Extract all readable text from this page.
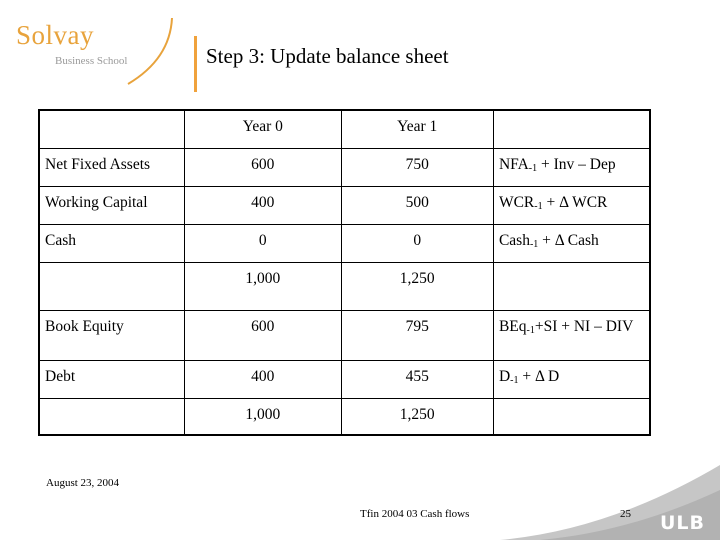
Solvay
Business School	Step 3: Update balance sheet
	Year 0	Year 1	
Net Fixed Assets	600	750	$NFA_{-1}$ + Inv – Dep
Working Capital	400	500	$WCR_{-1} + \Delta$ WCR
Cash	0	0	Cash$_{-1}$ + Δ Cash
	1,000	1,250	
Book Equity	600	795	BEq$_{-1}$+SI + NI – DIV
Debt	400	455	$D_{-1} + \Delta$ D
	1,000	1,250	
ULB
August 23, 2004
Tfin 2004 03 Cash flows	25
